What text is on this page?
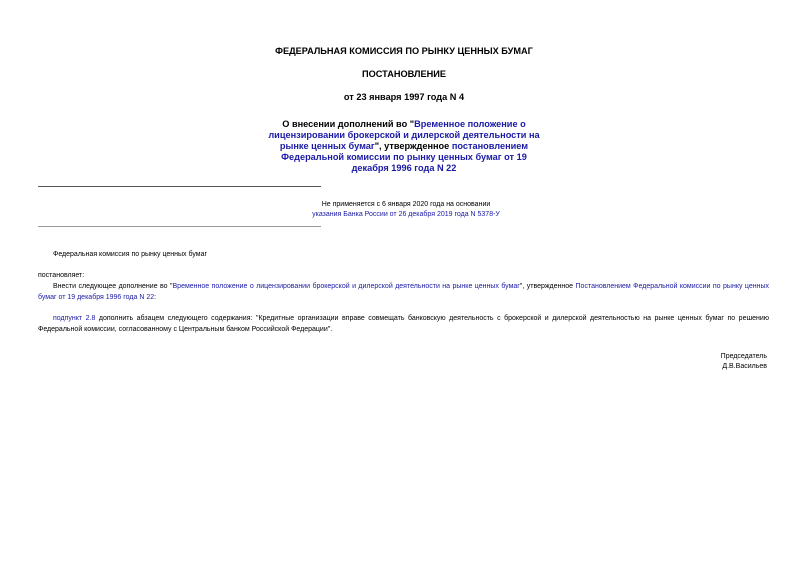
ФЕДЕРАЛЬНАЯ КОМИССИЯ ПО РЫНКУ ЦЕННЫХ БУМАГ
ПОСТАНОВЛЕНИЕ
от 23 января 1997 года N 4
О внесении дополнений во "Временное положение о лицензировании брокерской и дилерской деятельности на рынке ценных бумаг", утвержденное постановлением Федеральной комиссии по рынку ценных бумаг от 19 декабря 1996 года N 22
Не применяется с 6 января 2020 года на основании
указания Банка России от 26 декабря 2019 года N 5378-У
Федеральная комиссия по рынку ценных бумаг
постановляет:
Внести следующее дополнение во "Временное положение о лицензировании брокерской и дилерской деятельности на рынке ценных бумаг", утвержденное Постановлением Федеральной комиссии по рынку ценных бумаг от 19 декабря 1996 года N 22:
подпункт 2.8 дополнить абзацем следующего содержания: "Кредитные организации вправе совмещать банковскую деятельность с брокерской и дилерской деятельностью на рынке ценных бумаг по решению Федеральной комиссии, согласованному с Центральным банком Российской Федерации".
Председатель
Д.В.Васильев
